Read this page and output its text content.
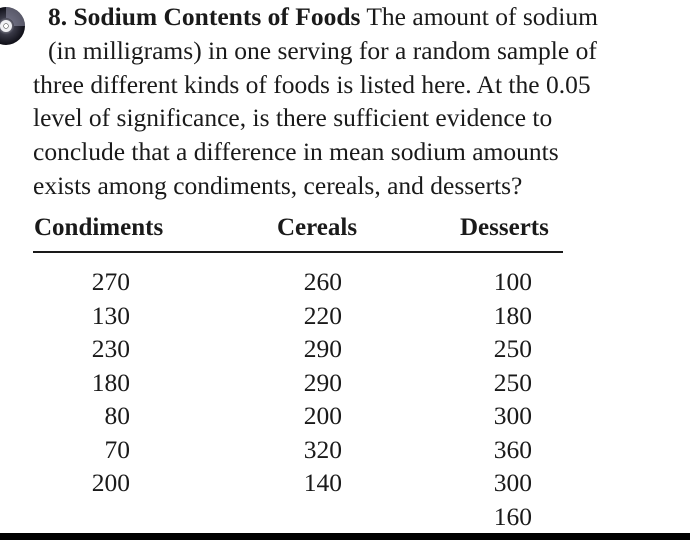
8. Sodium Contents of Foods The amount of sodium
(in milligrams) in one serving for a random sample of
three different kinds of foods is listed here. At the 0.05
level of significance, is there sufficient evidence to
conclude that a difference in mean sodium amounts
exists among condiments, cereals, and desserts?
Condiments	Cereals	Desserts
270
130
230
180
80
70
200
260
220
290
290
200
320
140
100
180
250
250
300
360
300
160
